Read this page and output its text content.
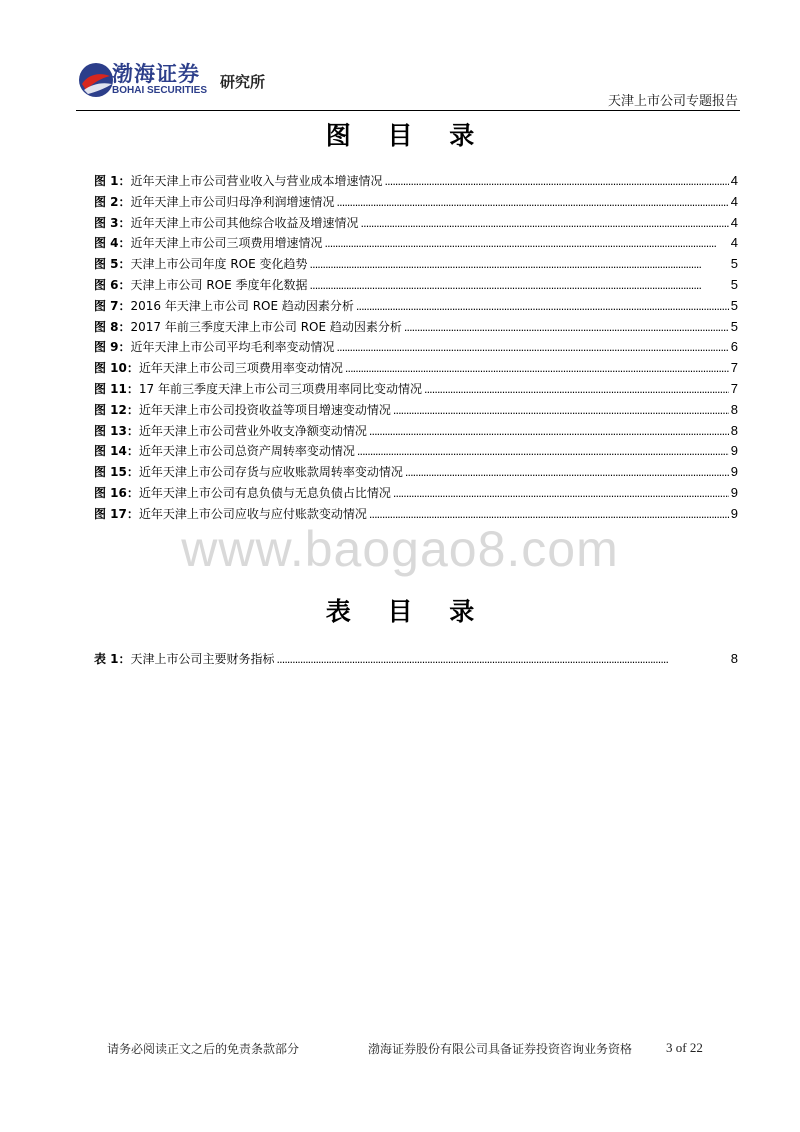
渤海证券
BOHAI SECURITIES 研究所
天津上市公司专题报告
图 目 录
图 1： 近年天津上市公司营业收入与营业成本增速情况 . . .	4
图 2： 近年天津上市公司归母净利润增速情况 . . .	4
图 3： 近年天津上市公司其他综合收益及增速情况 . . .	4
图 4： 近年天津上市公司三项费用增速情况 . . .	4
图 5： 天津上市公司年度 ROE 变化趋势 . . .	5
图 6： 天津上市公司 ROE 季度年化数据 . . .	5
图 7： 2016 年天津上市公司 ROE 趋动因素分析 . . .	5
图 8： 2017 年前三季度天津上市公司 ROE 趋动因素分析 . . .	5
图 9： 近年天津上市公司平均毛利率变动情况 . . .	6
图 10： 近年天津上市公司三项费用率变动情况 . . .	7
图 11： 17 年前三季度天津上市公司三项费用率同比变动情况 . . .	7
图 12： 近年天津上市公司投资收益等项目增速变动情况 . . .	8
图 13： 近年天津上市公司营业外收支净额变动情况 . . .	8
图 14： 近年天津上市公司总资产周转率变动情况 . . .	9
图 15： 近年天津上市公司存货与应收账款周转率变动情况 . . .	9
图 16： 近年天津上市公司有息负债与无息负债占比情况 . . .	9
图 17： 近年天津上市公司应收与应付账款变动情况 . . .	9
www.baogao8.com
表 目 录
表 1： 天津上市公司主要财务指标 . . .	8
请务必阅读正文之后的免责条款部分	渤海证券股份有限公司具备证券投资咨询业务资格	3 of 22
